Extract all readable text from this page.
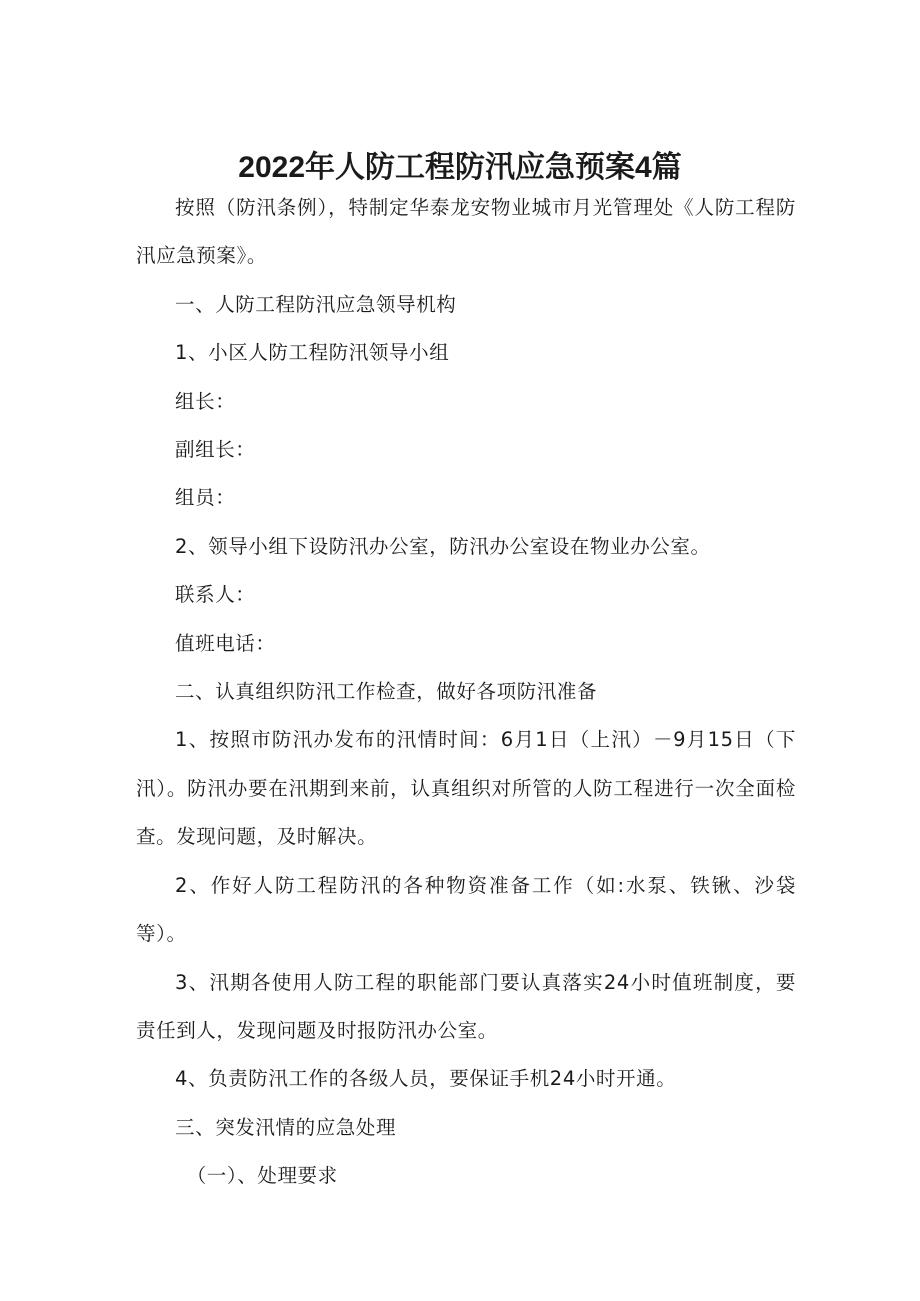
2022年人防工程防汛应急预案4篇

按照（防汛条例），特制定华泰龙安物业城市月光管理处《人防工程防汛应急预案》。

一、人防工程防汛应急领导机构

1、小区人防工程防汛领导小组

组长：

副组长：

组员：

2、领导小组下设防汛办公室，防汛办公室设在物业办公室。

联系人：

值班电话：

二、认真组织防汛工作检查，做好各项防汛准备

1、按照市防汛办发布的汛情时间：6月1日（上汛）－9月15日（下汛）。防汛办要在汛期到来前，认真组织对所管的人防工程进行一次全面检查。发现问题，及时解决。

2、作好人防工程防汛的各种物资准备工作（如:水泵、铁锹、沙袋等）。

3、汛期各使用人防工程的职能部门要认真落实24小时值班制度，要责任到人，发现问题及时报防汛办公室。

4、负责防汛工作的各级人员，要保证手机24小时开通。

三、突发汛情的应急处理

（一）、处理要求
